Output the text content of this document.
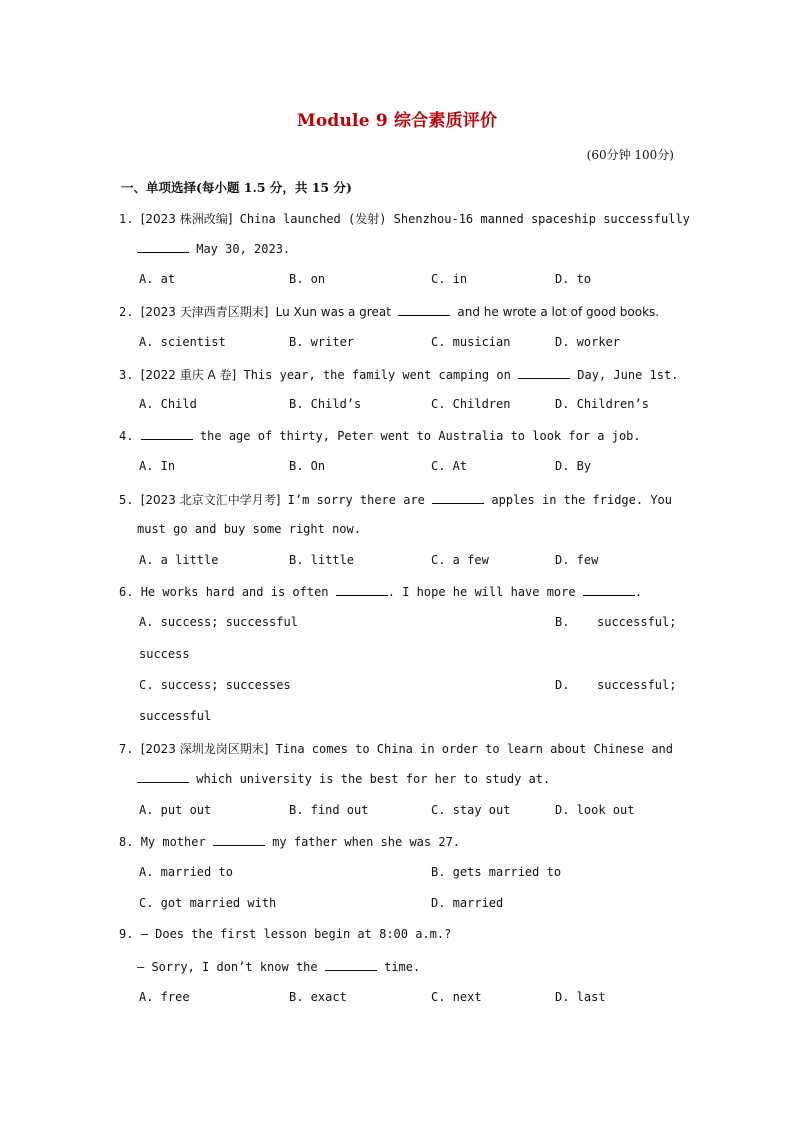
Module 9 综合素质评价
(60分钟 100分)
一、单项选择(每小题 1.5 分，共 15 分)
1. [2023 株洲改编] China launched (发射) Shenzhou-16 manned spaceship successfully
May 30, 2023.
A. at	B. on	C. in	D. to
2. [2023 天津西青区期末] Lu Xun was a great	and he wrote a lot of good books.
A. scientist	B. writer	C. musician	D. worker
3. [2022 重庆 A 卷] This year, the family went camping on	Day, June 1st.
A. Child	B. Child’s	C. Children	D. Children’s
4.	the age of thirty, Peter went to Australia to look for a job.
A. In	B. On	C. At	D. By
5. [2023 北京文汇中学月考] I’m sorry there are	apples in the fridge. You
must go and buy some right now.
A. a little	B. little	C. a few	D. few
6. He works hard and is often	. I hope he will have more	.
A. success; successful	B. successful;
success
C. success; successes	D. successful;
successful
7. [2023 深圳龙岗区期末] Tina comes to China in order to learn about Chinese and
which university is the best for her to study at.
A. put out	B. find out	C. stay out	D. look out
8. My mother	my father when she was 27.
A. married to	B. gets married to
C. got married with	D. married
9. — Does the first lesson begin at 8:00 a.m.?
— Sorry, I don’t know the	time.
A. free	B. exact	C. next	D. last
